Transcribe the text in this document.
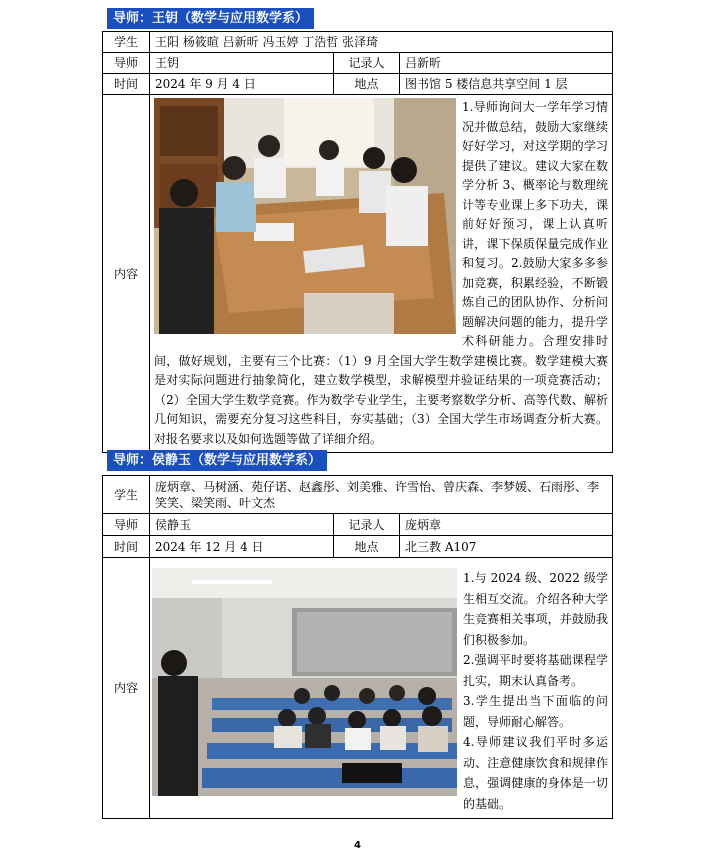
导师：王钥（数学与应用数学系）
学生	王阳 杨筱暄 吕新昕 冯玉婷 丁浩哲 张泽琦		
导师	王钥	记录人	吕新昕
时间	2024 年 9 月 4 日	地点	图书馆 5 楼信息共享空间 1 层
内容	1.导师询问大一学年学习情况并做总结，鼓励大家继续好好学习，对这学期的学习提供了建议。建议大家在数学分析 3、概率论与数理统计等专业课上多下功夫，课前好好预习，课上认真听讲，课下保质保量完成作业和复习。2.鼓励大家多多参加竞赛，积累经验，不断锻炼自己的团队协作、分析问题解决问题的能力，提升学术科研能力。合理安排时间，做好规划，主要有三个比赛：（1）9 月全国大学生数学建模比赛。数学建模大赛是对实际问题进行抽象简化，建立数学模型，求解模型并验证结果的一项竞赛活动；（2）全国大学生数学竞赛。作为数学专业学生，主要考察数学分析、高等代数、解析几何知识，需要充分复习这些科目，夯实基础；（3）全国大学生市场调查分析大赛。对报名要求以及如何选题等做了详细介绍。		
导师：侯静玉（数学与应用数学系）
学生	庞炳章、马树涵、苑仔诺、赵鑫彤、刘美雅、许雪怡、曾庆森、李梦媛、石雨彤、李笑笑、梁笑雨、叶文杰		
导师	侯静玉	记录人	庞炳章
时间	2024 年 12 月 4 日	地点	北三教 A107
内容	1.与 2024 级、2022 级学生相互交流。介绍各种大学生竞赛相关事项，并鼓励我们积极参加。

2.强调平时要将基础课程学扎实，期末认真备考。

3.学生提出当下面临的问题，导师耐心解答。

4.导师建议我们平时多运动、注意健康饮食和规律作息，强调健康的身体是一切的基础。		

4
